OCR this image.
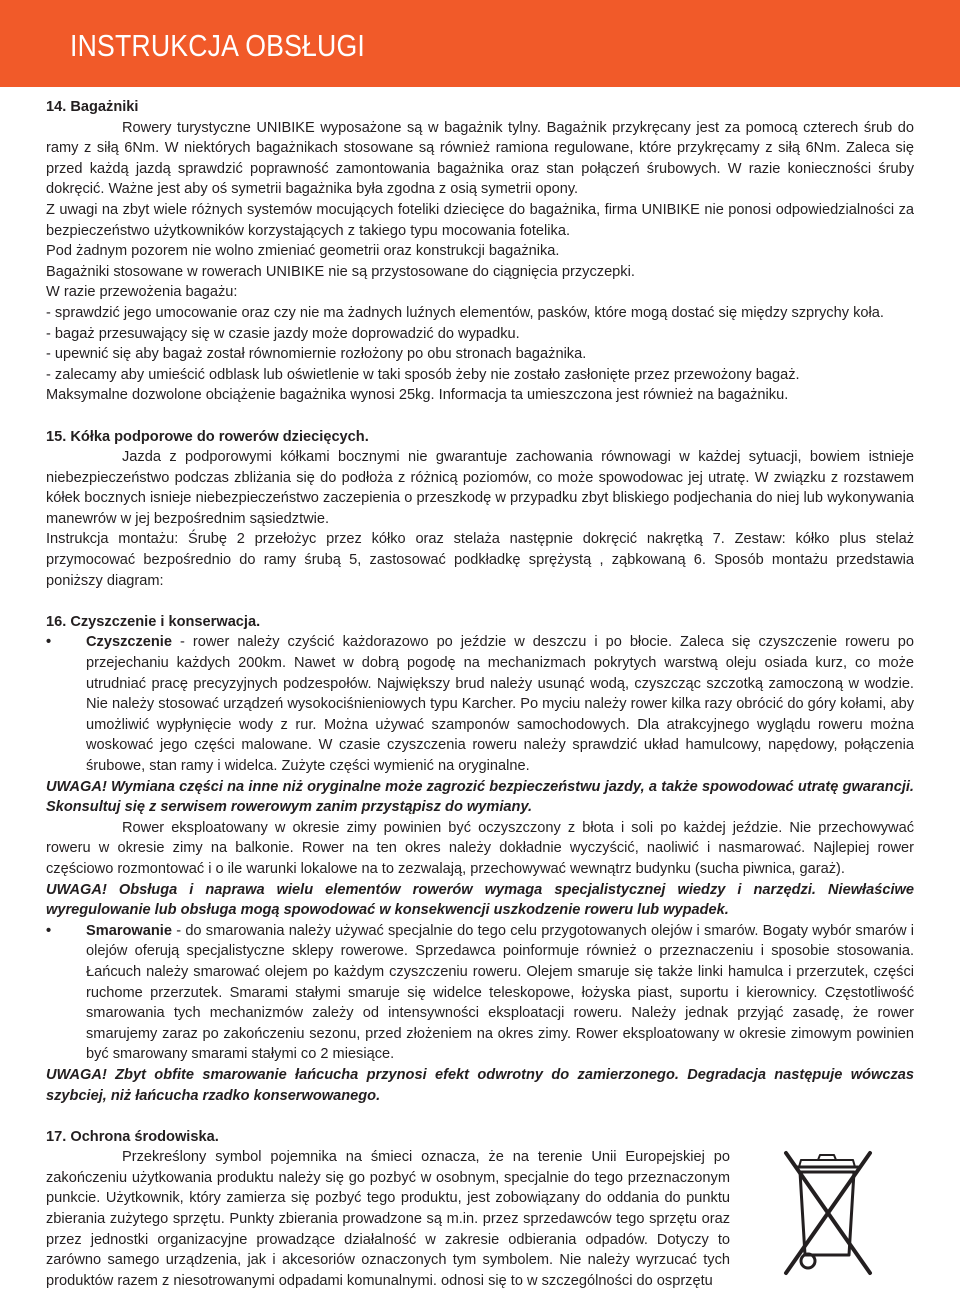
INSTRUKCJA OBSŁUGI

14. Bagażniki

Rowery turystyczne UNIBIKE wyposażone są w bagażnik tylny. Bagażnik przykręcany jest za pomocą czterech śrub do ramy z siłą 6Nm. W niektórych bagażnikach stosowane są również ramiona regulowane, które przykręcamy z siłą 6Nm. Zaleca się przed każdą jazdą sprawdzić poprawność zamontowania bagażnika oraz stan połączeń śrubowych. W razie konieczności śruby dokręcić. Ważne jest aby oś symetrii bagażnika była zgodna z osią symetrii opony.

Z uwagi na zbyt wiele różnych systemów mocujących foteliki dziecięce do bagażnika, firma UNIBIKE nie ponosi odpowiedzialności za bezpieczeństwo użytkowników korzystających z takiego typu mocowania fotelika.

Pod żadnym pozorem nie wolno zmieniać geometrii oraz konstrukcji bagażnika.

Bagażniki stosowane w rowerach UNIBIKE nie są przystosowane do ciągnięcia przyczepki.

W razie przewożenia bagażu:

- sprawdzić jego umocowanie oraz czy nie ma żadnych luźnych elementów, pasków, które mogą dostać się między szprychy koła.

- bagaż przesuwający się w czasie jazdy może doprowadzić do wypadku.

- upewnić się aby bagaż został równomiernie rozłożony po obu stronach bagażnika.

- zalecamy aby umieścić odblask lub oświetlenie w taki sposób żeby nie zostało zasłonięte przez przewożony bagaż.

Maksymalne dozwolone obciążenie bagażnika wynosi 25kg. Informacja ta umieszczona jest również na bagażniku.

15. Kółka podporowe do rowerów dziecięcych.

Jazda z podporowymi kółkami bocznymi nie gwarantuje zachowania równowagi w każdej sytuacji, bowiem istnieje niebezpieczeństwo podczas zbliżania się do podłoża z różnicą poziomów, co może spowodowac jej utratę. W związku z rozstawem kółek bocznych isnieje niebezpieczeństwo zaczepienia o przeszkodę w przypadku zbyt bliskiego podjechania do niej lub wykonywania manewrów w jej bezpośrednim sąsiedztwie.

Instrukcja montażu: Śrubę 2 przełożyc przez kółko oraz stelaża następnie dokręcić nakrętką 7. Zestaw: kółko plus stelaż przymocować bezpośrednio do ramy śrubą 5, zastosować podkładkę sprężystą , ząbkowaną 6. Sposób montażu przedstawia poniższy diagram:

16. Czyszczenie i konserwacja.

• Czyszczenie - rower należy czyścić każdorazowo po jeździe w deszczu i po błocie. Zaleca się czyszczenie roweru po przejechaniu każdych 200km. Nawet w dobrą pogodę na mechanizmach pokrytych warstwą oleju osiada kurz, co może utrudniać pracę precyzyjnych podzespołów. Największy brud należy usunąć wodą, czyszcząc szczotką zamoczoną w wodzie. Nie należy stosować urządzeń wysokociśnieniowych typu Karcher. Po myciu należy rower kilka razy obrócić do góry kołami, aby umożliwić wypłynięcie wody z rur. Można używać szamponów samochodowych. Dla atrakcyjnego wyglądu roweru można woskować jego części malowane. W czasie czyszczenia roweru należy sprawdzić układ hamulcowy, napędowy, połączenia śrubowe, stan ramy i widelca. Zużyte części wymienić na oryginalne.

UWAGA! Wymiana części na inne niż oryginalne może zagrozić bezpieczeństwu jazdy, a także spowodować utratę gwarancji. Skonsultuj się z serwisem rowerowym zanim przystąpisz do wymiany.

Rower eksploatowany w okresie zimy powinien być oczyszczony z błota i soli po każdej jeździe. Nie przechowywać roweru w okresie zimy na balkonie. Rower na ten okres należy dokładnie wyczyścić, naoliwić i nasmarować. Najlepiej rower częściowo rozmontować i o ile warunki lokalowe na to zezwalają, przechowywać wewnątrz budynku (sucha piwnica, garaż).

UWAGA! Obsługa i naprawa wielu elementów rowerów wymaga specjalistycznej wiedzy i narzędzi. Niewłaściwe wyregulowanie lub obsługa mogą spowodować w konsekwencji uszkodzenie roweru lub wypadek.

• Smarowanie - do smarowania należy używać specjalnie do tego celu przygotowanych olejów i smarów. Bogaty wybór smarów i olejów oferują specjalistyczne sklepy rowerowe. Sprzedawca poinformuje również o przeznaczeniu i sposobie stosowania. Łańcuch należy smarować olejem po każdym czyszczeniu roweru. Olejem smaruje się także linki hamulca i przerzutek, części ruchome przerzutek. Smarami stałymi smaruje się widelce teleskopowe, łożyska piast, suportu i kierownicy. Częstotliwość smarowania tych mechanizmów zależy od intensywności eksploatacji roweru. Należy jednak przyjąć zasadę, że rower smarujemy zaraz po zakończeniu sezonu, przed złożeniem na okres zimy. Rower eksploatowany w okresie zimowym powinien być smarowany smarami stałymi co 2 miesiące.

UWAGA! Zbyt obfite smarowanie łańcucha przynosi efekt odwrotny do zamierzonego. Degradacja następuje wówczas szybciej, niż łańcucha rzadko konserwowanego.

17. Ochrona środowiska.

Przekreślony symbol pojemnika na śmieci oznacza, że na terenie Unii Europejskiej po zakończeniu użytkowania produktu należy się go pozbyć w osobnym, specjalnie do tego przeznaczonym punkcie. Użytkownik, który zamierza się pozbyć tego produktu, jest zobowiązany do oddania do punktu zbierania zużytego sprzętu. Punkty zbierania prowadzone są m.in. przez sprzedawców tego sprzętu oraz przez jednostki organizacyjne prowadzące działalność w zakresie odbierania odpadów. Dotyczy to zarówno samego urządzenia, jak i akcesoriów oznaczonych tym symbolem. Nie należy wyrzucać tych produktów razem z niesotrowanymi odpadami komunalnymi. odnosi się to w szczególności do osprzętu
